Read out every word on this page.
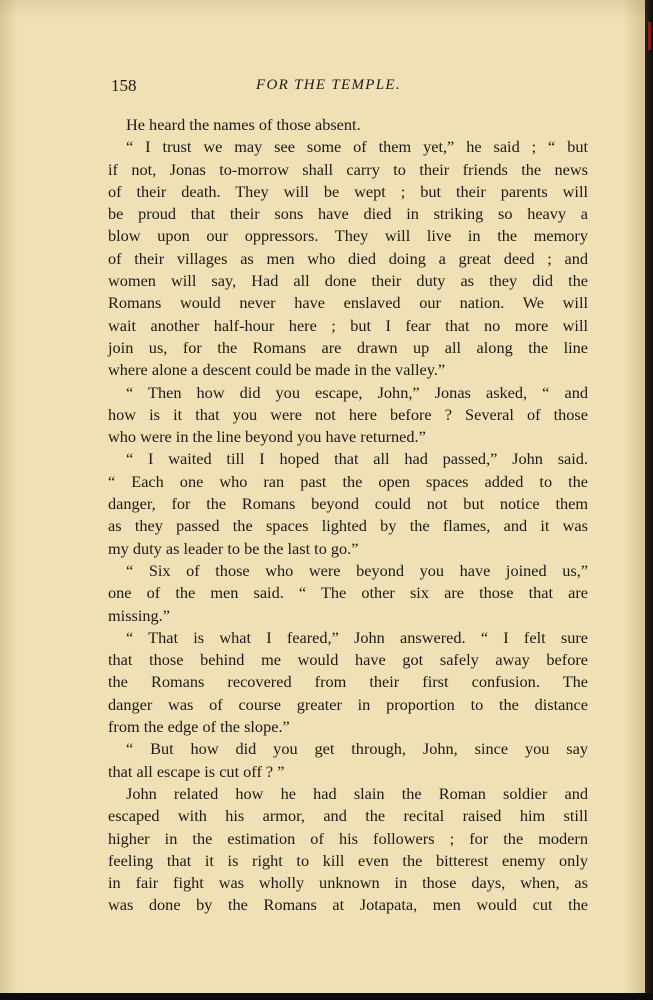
158	FOR THE TEMPLE.
He heard the names of those absent.
“ I trust we may see some of them yet,” he said ; “ but
if not, Jonas to-morrow shall carry to their friends the news
of their death. They will be wept ; but their parents will
be proud that their sons have died in striking so heavy a
blow upon our oppressors. They will live in the memory
of their villages as men who died doing a great deed ; and
women will say, Had all done their duty as they did the
Romans would never have enslaved our nation. We will
wait another half-hour here ; but I fear that no more will
join us, for the Romans are drawn up all along the line
where alone a descent could be made in the valley.”
“ Then how did you escape, John,” Jonas asked, “ and
how is it that you were not here before ? Several of those
who were in the line beyond you have returned.”
“ I waited till I hoped that all had passed,” John said.
“ Each one who ran past the open spaces added to the
danger, for the Romans beyond could not but notice them
as they passed the spaces lighted by the flames, and it was
my duty as leader to be the last to go.”
“ Six of those who were beyond you have joined us,”
one of the men said. “ The other six are those that are
missing.”
“ That is what I feared,” John answered. “ I felt sure
that those behind me would have got safely away before
the Romans recovered from their first confusion. The
danger was of course greater in proportion to the distance
from the edge of the slope.”
“ But how did you get through, John, since you say
that all escape is cut off ? ”
John related how he had slain the Roman soldier and
escaped with his armor, and the recital raised him still
higher in the estimation of his followers ; for the modern
feeling that it is right to kill even the bitterest enemy only
in fair fight was wholly unknown in those days, when, as
was done by the Romans at Jotapata, men would cut the
